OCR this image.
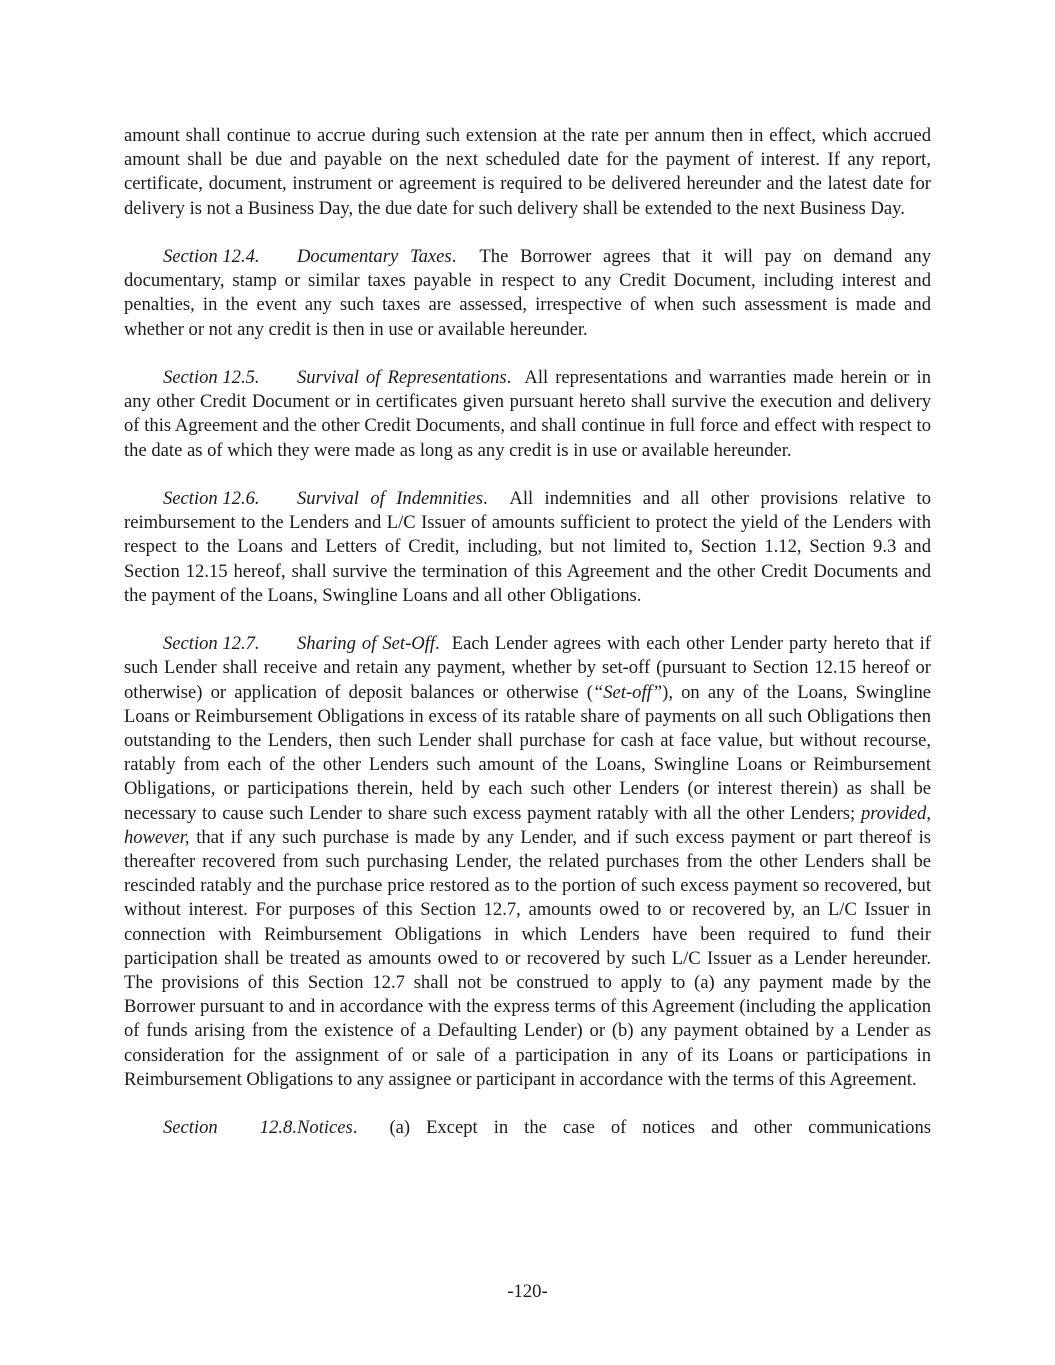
amount shall continue to accrue during such extension at the rate per annum then in effect, which accrued amount shall be due and payable on the next scheduled date for the payment of interest. If any report, certificate, document, instrument or agreement is required to be delivered hereunder and the latest date for delivery is not a Business Day, the due date for such delivery shall be extended to the next Business Day.

Section 12.4. Documentary Taxes.  The Borrower agrees that it will pay on demand any documentary, stamp or similar taxes payable in respect to any Credit Document, including interest and penalties, in the event any such taxes are assessed, irrespective of when such assessment is made and whether or not any credit is then in use or available hereunder.

Section 12.5. Survival of Representations.  All representations and warranties made herein or in any other Credit Document or in certificates given pursuant hereto shall survive the execution and delivery of this Agreement and the other Credit Documents, and shall continue in full force and effect with respect to the date as of which they were made as long as any credit is in use or available hereunder.

Section 12.6. Survival of Indemnities.  All indemnities and all other provisions relative to reimbursement to the Lenders and L/C Issuer of amounts sufficient to protect the yield of the Lenders with respect to the Loans and Letters of Credit, including, but not limited to, Section 1.12, Section 9.3 and Section 12.15 hereof, shall survive the termination of this Agreement and the other Credit Documents and the payment of the Loans, Swingline Loans and all other Obligations.

Section 12.7. Sharing of Set-Off.  Each Lender agrees with each other Lender party hereto that if such Lender shall receive and retain any payment, whether by set-off (pursuant to Section 12.15 hereof or otherwise) or application of deposit balances or otherwise (“Set-off”), on any of the Loans, Swingline Loans or Reimbursement Obligations in excess of its ratable share of payments on all such Obligations then outstanding to the Lenders, then such Lender shall purchase for cash at face value, but without recourse, ratably from each of the other Lenders such amount of the Loans, Swingline Loans or Reimbursement Obligations, or participations therein, held by each such other Lenders (or interest therein) as shall be necessary to cause such Lender to share such excess payment ratably with all the other Lenders; provided, however, that if any such purchase is made by any Lender, and if such excess payment or part thereof is thereafter recovered from such purchasing Lender, the related purchases from the other Lenders shall be rescinded ratably and the purchase price restored as to the portion of such excess payment so recovered, but without interest. For purposes of this Section 12.7, amounts owed to or recovered by, an L/C Issuer in connection with Reimbursement Obligations in which Lenders have been required to fund their participation shall be treated as amounts owed to or recovered by such L/C Issuer as a Lender hereunder. The provisions of this Section 12.7 shall not be construed to apply to (a) any payment made by the Borrower pursuant to and in accordance with the express terms of this Agreement (including the application of funds arising from the existence of a Defaulting Lender) or (b) any payment obtained by a Lender as consideration for the assignment of or sale of a participation in any of its Loans or participations in Reimbursement Obligations to any assignee or participant in accordance with the terms of this Agreement.

Section 12.8.Notices.  (a) Except in the case of notices and other communications

-120-
